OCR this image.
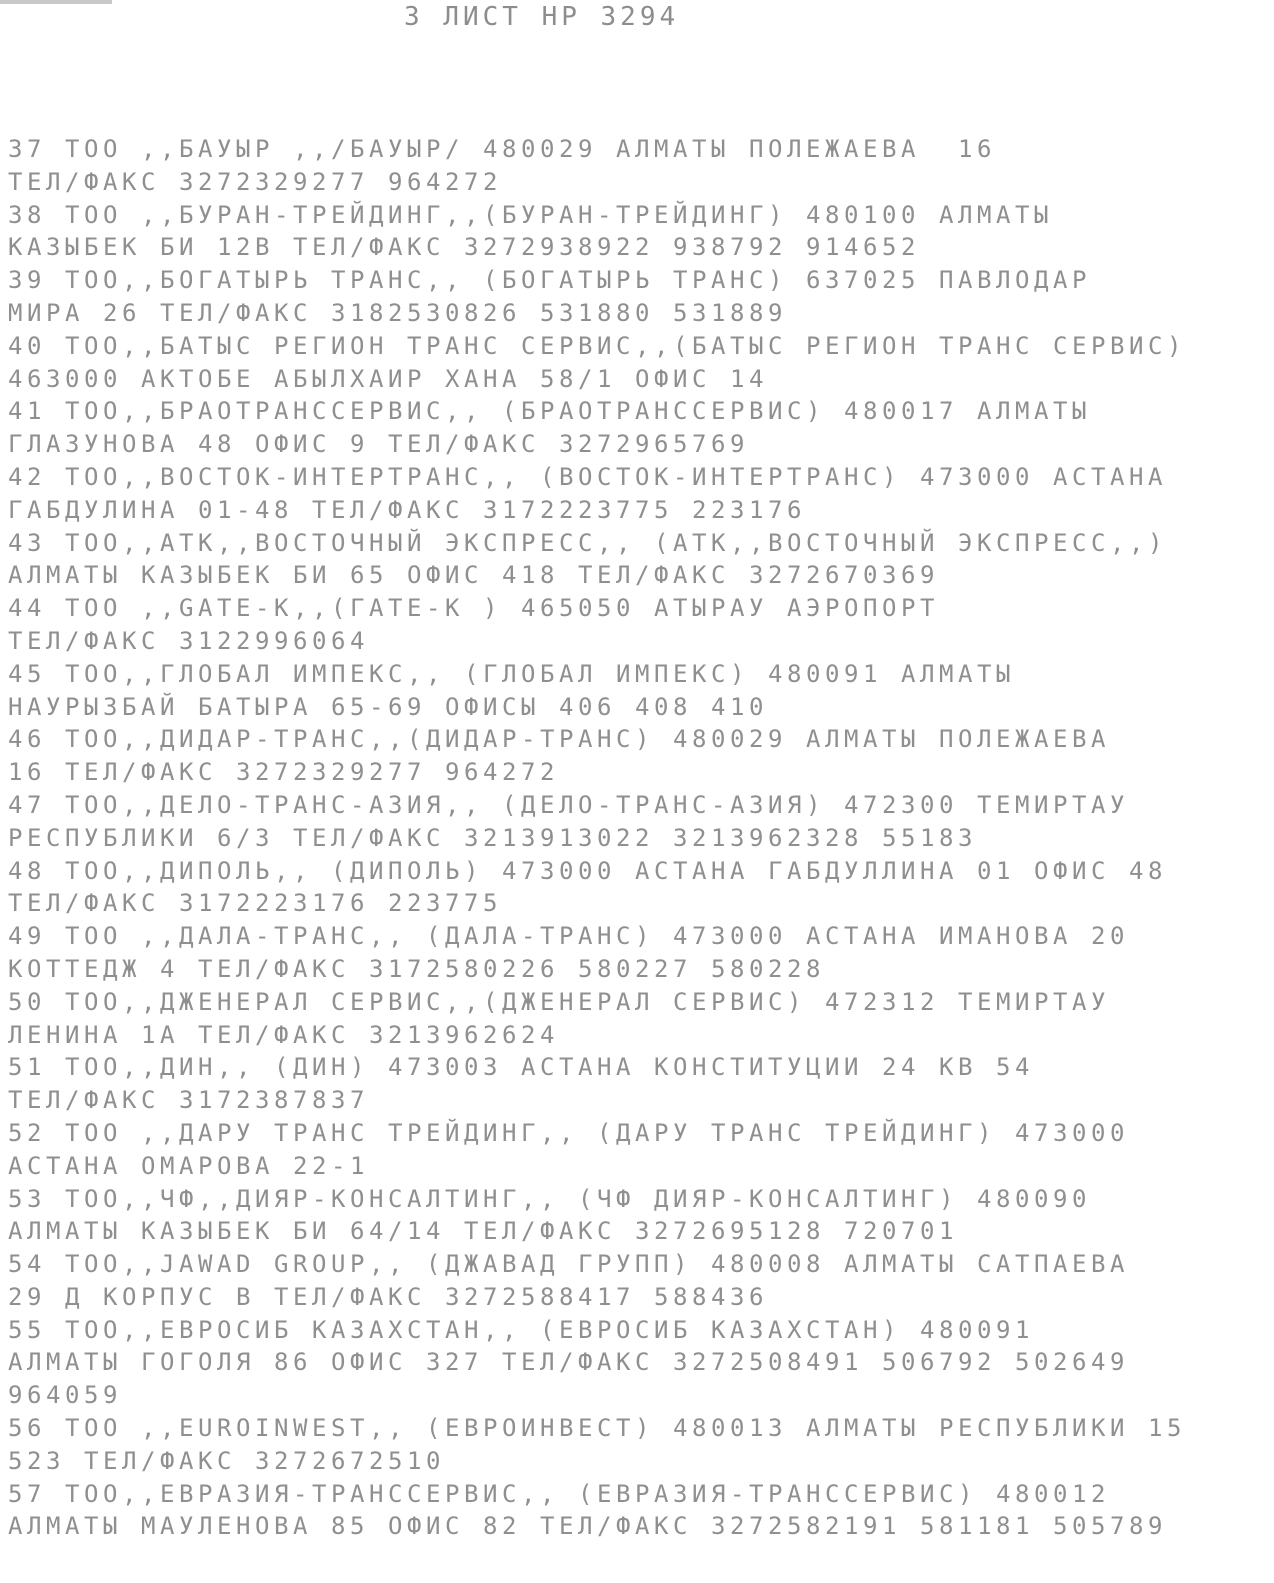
3 ЛИСТ НР 3294
37 ТОО ,,БАУЫР ,,/БАУЫР/ 480029 АЛМАТЫ ПОЛЕЖАЕВА  16
ТЕЛ/ФАКС 3272329277 964272
38 ТОО ,,БУРАН-ТРЕЙДИНГ,,(БУРАН-ТРЕЙДИНГ) 480100 АЛМАТЫ
КАЗЫБЕК БИ 12В ТЕЛ/ФАКС 3272938922 938792 914652
39 ТОО,,БОГАТЫРЬ ТРАНС,, (БОГАТЫРЬ ТРАНС) 637025 ПАВЛОДАР
МИРА 26 ТЕЛ/ФАКС 3182530826 531880 531889
40 ТОО,,БАТЫС РЕГИОН ТРАНС СЕРВИС,,(БАТЫС РЕГИОН ТРАНС СЕРВИС)
463000 АКТОБЕ АБЫЛХАИР ХАНА 58/1 ОФИС 14
41 ТОО,,БРАОТРАНССЕРВИС,, (БРАОТРАНССЕРВИС) 480017 АЛМАТЫ
ГЛАЗУНОВА 48 ОФИС 9 ТЕЛ/ФАКС 3272965769
42 ТОО,,ВОСТОК-ИНТЕРТРАНС,, (ВОСТОК-ИНТЕРТРАНС) 473000 АСТАНА
ГАБДУЛИНА 01-48 ТЕЛ/ФАКС 3172223775 223176
43 ТОО,,АТК,,ВОСТОЧНЫЙ ЭКСПРЕСС,, (АТК,,ВОСТОЧНЫЙ ЭКСПРЕСС,,)
АЛМАТЫ КАЗЫБЕК БИ 65 ОФИС 418 ТЕЛ/ФАКС 3272670369
44 ТОО ,,GATE-K,,(ГАТЕ-К ) 465050 АТЫРАУ АЭРОПОРТ
ТЕЛ/ФАКС 3122996064
45 ТОО,,ГЛОБАЛ ИМПЕКС,, (ГЛОБАЛ ИМПЕКС) 480091 АЛМАТЫ
НАУРЫЗБАЙ БАТЫРА 65-69 ОФИСЫ 406 408 410
46 ТОО,,ДИДАР-ТРАНС,,(ДИДАР-ТРАНС) 480029 АЛМАТЫ ПОЛЕЖАЕВА
16 ТЕЛ/ФАКС 3272329277 964272
47 ТОО,,ДЕЛО-ТРАНС-АЗИЯ,, (ДЕЛО-ТРАНС-АЗИЯ) 472300 ТЕМИРТАУ
РЕСПУБЛИКИ 6/3 ТЕЛ/ФАКС 3213913022 3213962328 55183
48 ТОО,,ДИПОЛЬ,, (ДИПОЛЬ) 473000 АСТАНА ГАБДУЛЛИНА 01 ОФИС 48
ТЕЛ/ФАКС 3172223176 223775
49 ТОО ,,ДАЛА-ТРАНС,, (ДАЛА-ТРАНС) 473000 АСТАНА ИМАНОВА 20
КОТТЕДЖ 4 ТЕЛ/ФАКС 3172580226 580227 580228
50 ТОО,,ДЖЕНЕРАЛ СЕРВИС,,(ДЖЕНЕРАЛ СЕРВИС) 472312 ТЕМИРТАУ
ЛЕНИНА 1А ТЕЛ/ФАКС 3213962624
51 ТОО,,ДИН,, (ДИН) 473003 АСТАНА КОНСТИТУЦИИ 24 КВ 54
ТЕЛ/ФАКС 3172387837
52 ТОО ,,ДАРУ ТРАНС ТРЕЙДИНГ,, (ДАРУ ТРАНС ТРЕЙДИНГ) 473000
АСТАНА ОМАРОВА 22-1
53 ТОО,,ЧФ,,ДИЯР-КОНСАЛТИНГ,, (ЧФ ДИЯР-КОНСАЛТИНГ) 480090
АЛМАТЫ КАЗЫБЕК БИ 64/14 ТЕЛ/ФАКС 3272695128 720701
54 ТОО,,JAWAD GROUP,, (ДЖАВАД ГРУПП) 480008 АЛМАТЫ САТПАЕВА
29 Д КОРПУС В ТЕЛ/ФАКС 3272588417 588436
55 ТОО,,ЕВРОСИБ КАЗАХСТАН,, (ЕВРОСИБ КАЗАХСТАН) 480091
АЛМАТЫ ГОГОЛЯ 86 ОФИС 327 ТЕЛ/ФАКС 3272508491 506792 502649
964059
56 ТОО ,,EUROINWEST,, (ЕВРОИНВЕСТ) 480013 АЛМАТЫ РЕСПУБЛИКИ 15
523 ТЕЛ/ФАКС 3272672510
57 ТОО,,ЕВРАЗИЯ-ТРАНССЕРВИС,, (ЕВРАЗИЯ-ТРАНССЕРВИС) 480012
АЛМАТЫ МАУЛЕНОВА 85 ОФИС 82 ТЕЛ/ФАКС 3272582191 581181 505789
